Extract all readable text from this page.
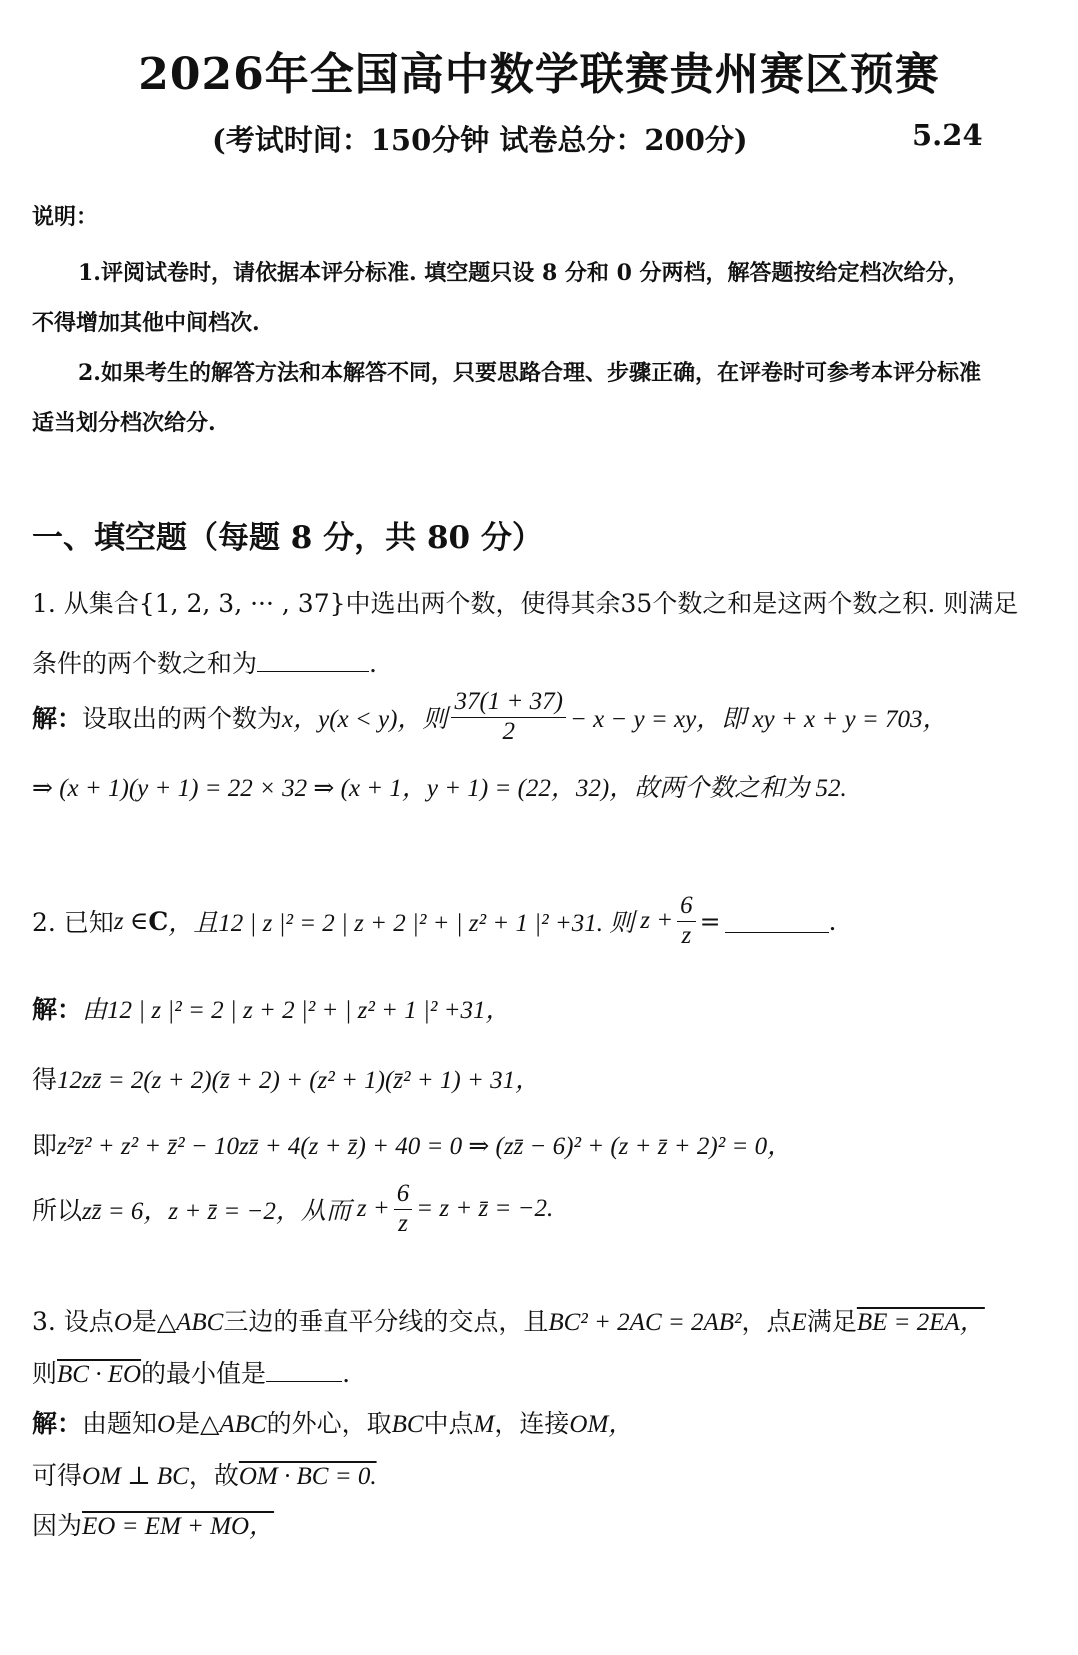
2026年全国高中数学联赛贵州赛区预赛
(考试时间：150分钟 试卷总分：200分)	5.24
说明：
1.评阅试卷时，请依据本评分标准. 填空题只设 8 分和 0 分两档，解答题按给定档次给分，
不得增加其他中间档次.
2.如果考生的解答方法和本解答不同，只要思路合理、步骤正确，在评卷时可参考本评分标准
适当划分档次给分.
一、填空题（每题 8 分，共 80 分）
1. 从集合{1, 2, 3, ··· , 37}中选出两个数，使得其余35个数之和是这两个数之积. 则满足
条件的两个数之和为	.
解： 设取出的两个数为 x，y(x < y)，则 $\frac{37(1 + 37)}{2} - x - y$ = xy，即 xy + x + y = 703，
⇒ (x + 1)(y + 1) = 22 × 32 ⇒ (x + 1，y + 1) = (22，32)，故两个数之和为 52.
2. 已知 z ∈ C ，且12 | z |² = 2 | z + 2 |² + | z² + 1 |² +31. 则 $z + \frac{6}{z}$ =	.
解：由12 | z |² = 2 | z + 2 |² + | z² + 1 |² +31，
得12zz̄ = 2(z + 2)(z̄ + 2) + (z² + 1)(z̄² + 1) + 31，
即z²z̄² + z² + z̄² − 10zz̄ + 4(z + z̄) + 40 = 0 ⇒ (zz̄ − 6)² + (z + z̄ + 2)² = 0，
所以 zz̄ = 6，z + z̄ = −2，从而 $z + \frac{6}{z} = z$ + z̄ = −2.
3. 设点O是△ABC三边的垂直平分线的交点，且BC² + 2AC = 2AB²，点E满足BE = 2EA，
则BC · EO的最小值是	.
解：由题知O是△ABC的外心，取BC中点M，连接OM，
可得OM ⊥ BC，故OM · BC = 0.
因为EO = EM + MO，
